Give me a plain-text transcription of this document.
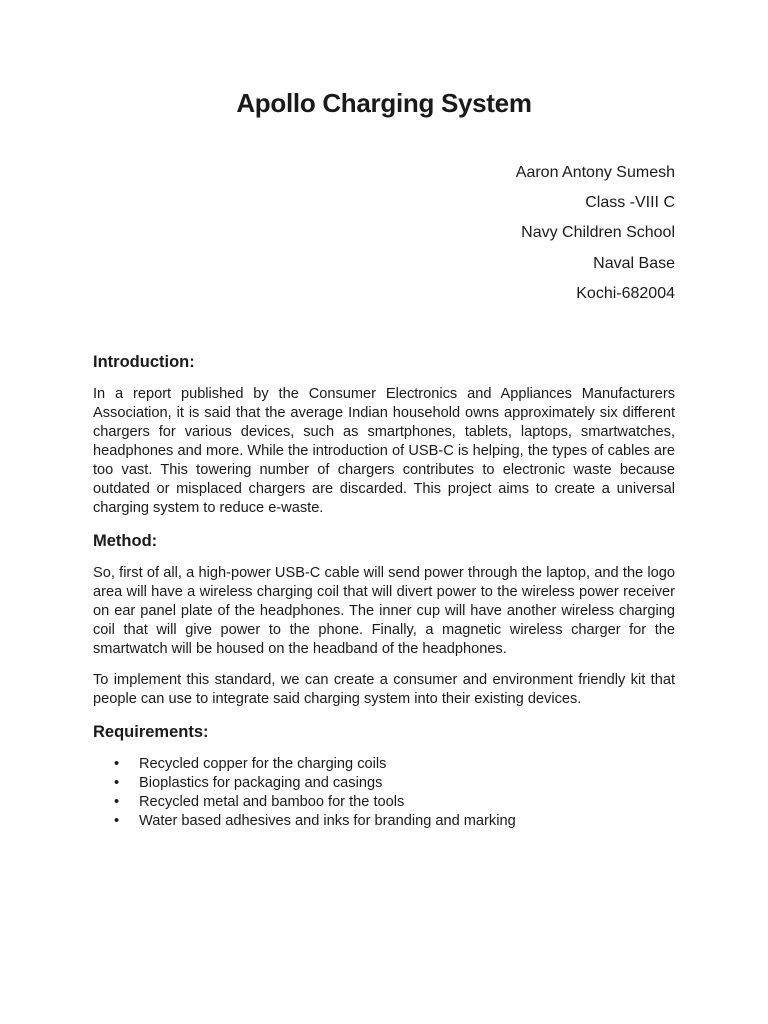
Apollo Charging System
Aaron Antony Sumesh
Class -VIII C
Navy Children School
Naval Base
Kochi-682004
Introduction:

In a report published by the Consumer Electronics and Appliances Manufacturers Association, it is said that the average Indian household owns approximately six different chargers for various devices, such as smartphones, tablets, laptops, smartwatches, headphones and more. While the introduction of USB-C is helping, the types of cables are too vast. This towering number of chargers contributes to electronic waste because outdated or misplaced chargers are discarded. This project aims to create a universal charging system to reduce e-waste.

Method:

So, first of all, a high-power USB-C cable will send power through the laptop, and the logo area will have a wireless charging coil that will divert power to the wireless power receiver on ear panel plate of the headphones. The inner cup will have another wireless charging coil that will give power to the phone. Finally, a magnetic wireless charger for the smartwatch will be housed on the headband of the headphones.

To implement this standard, we can create a consumer and environment friendly kit that people can use to integrate said charging system into their existing devices.

Requirements:
• Recycled copper for the charging coils
• Bioplastics for packaging and casings
• Recycled metal and bamboo for the tools
• Water based adhesives and inks for branding and marking
